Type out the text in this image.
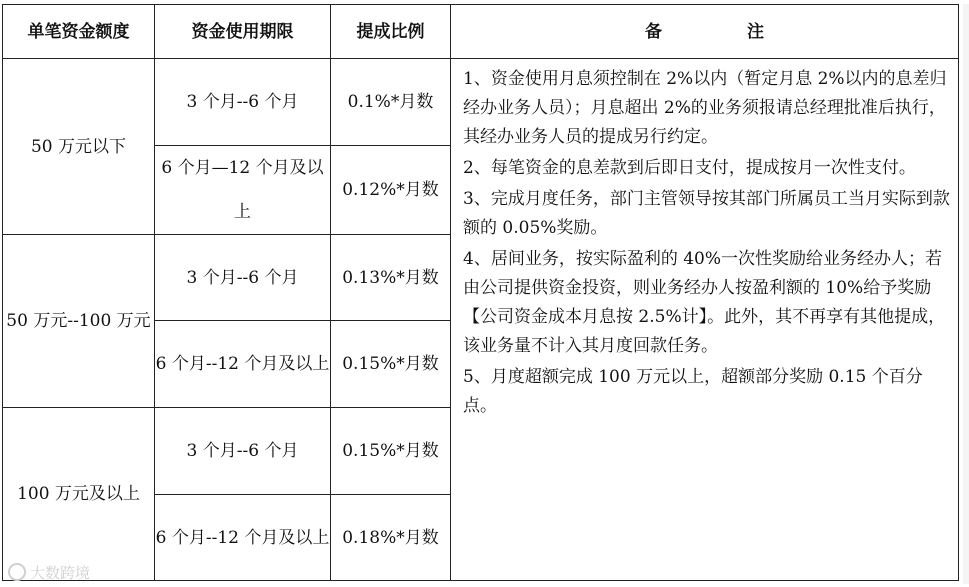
单笔资金额度	资金使用期限	提成比例	备　　　　　注
50 万元以下	3 个月--6 个月	0.1%*月数	1、资金使用月息须控制在 2%以内（暂定月息 2%以内的息差归经办业务人员）；月息超出 2%的业务须报请总经理批准后执行，其经办业务人员的提成另行约定。

2、每笔资金的息差款到后即日支付，提成按月一次性支付。

3、完成月度任务，部门主管领导按其部门所属员工当月实际到款额的 0.05%奖励。

4、居间业务，按实际盈利的 40%一次性奖励给业务经办人；若由公司提供资金投资，则业务经办人按盈利额的 10%给予奖励【公司资金成本月息按 2.5%计】。此外，其不再享有其他提成，该业务量不计入其月度回款任务。

5、月度超额完成 100 万元以上，超额部分奖励 0.15 个百分点。

	6 个月—12 个月及以上	0.12%*月数	
50 万元--100 万元	3 个月--6 个月	0.13%*月数	
	6 个月--12 个月及以上	0.15%*月数	
100 万元及以上	3 个月--6 个月	0.15%*月数	
	6 个月--12 个月及以上	0.18%*月数	
大数跨境
